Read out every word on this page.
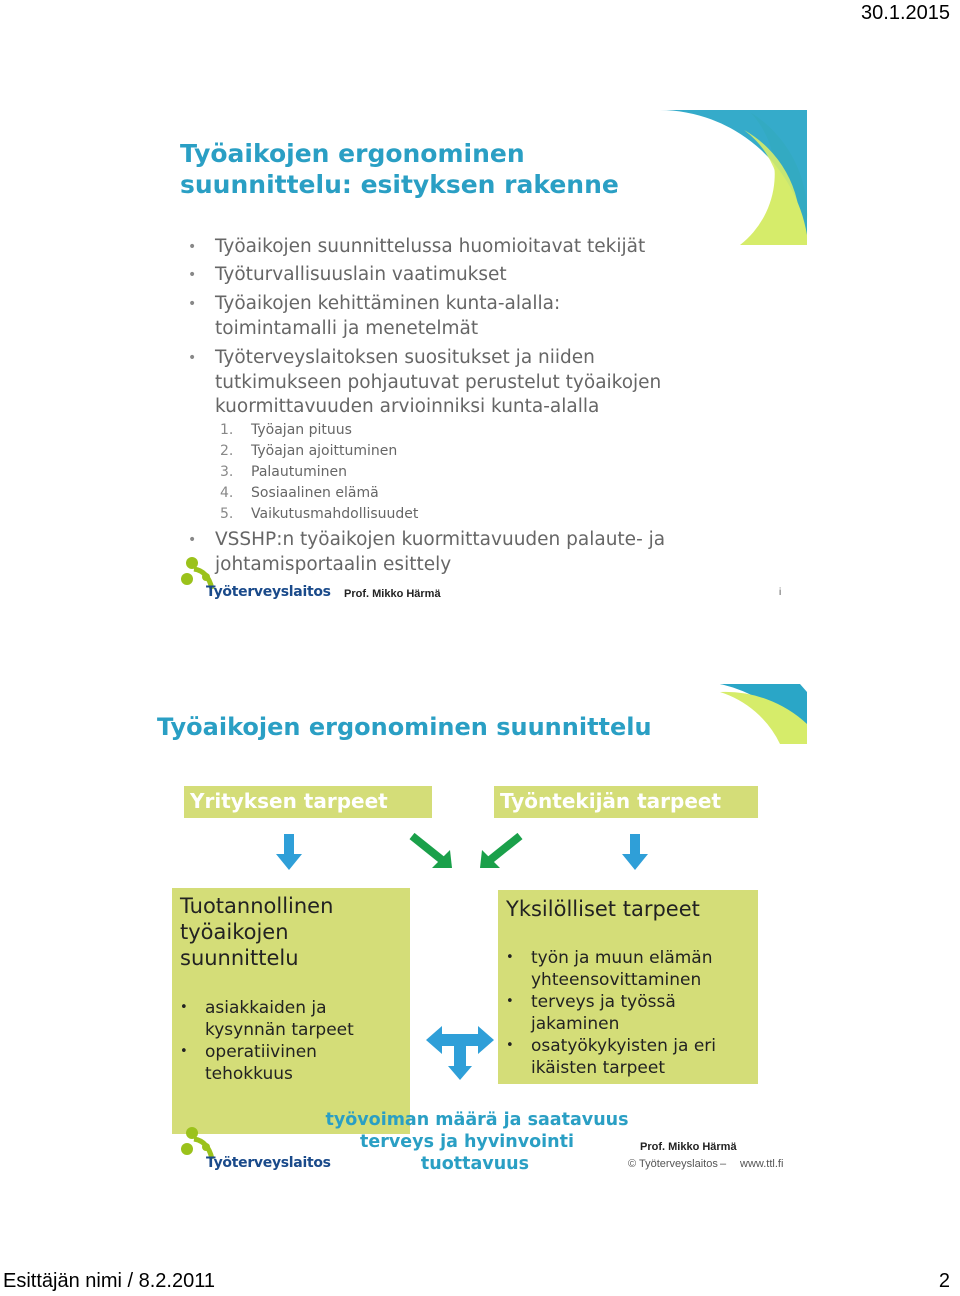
30.1.2015
Työaikojen ergonominen
suunnittelu: esityksen rakenne
• Työaikojen suunnittelussa huomioitavat tekijät
• Työturvallisuuslain vaatimukset
• Työaikojen kehittäminen kunta-alalla:
toimintamalli ja menetelmät
• Työterveyslaitoksen suositukset ja niiden
tutkimukseen pohjautuvat perustelut työaikojen
kuormittavuuden arvioinniksi kunta-alalla
1. Työajan pituus
2. Työajan ajoittuminen
3. Palautuminen
4. Sosiaalinen elämä
5. Vaikutusmahdollisuudet
• VSSHP:n työaikojen kuormittavuuden palaute- ja
johtamisportaalin esittely
Työterveyslaitos Prof. Mikko Härmä	i
Työaikojen ergonominen suunnittelu
Yrityksen tarpeet	Työntekijän tarpeet
Tuotannollinen
työaikojen
suunnittelu
• asiakkaiden ja
kysynnän tarpeet
• operatiivinen
tehokkuus
Yksilölliset tarpeet
• työn ja muun elämän
yhteensovittaminen
• terveys ja työssä
jakaminen
• osatyökykyisten ja eri
ikäisten tarpeet
työvoiman määrä ja saatavuus
terveys ja hyvinvointi
tuottavuus
Työterveyslaitos
Prof. Mikko Härmä
© Työterveyslaitos – www.ttl.fi
Esittäjän nimi / 8.2.2011	2
